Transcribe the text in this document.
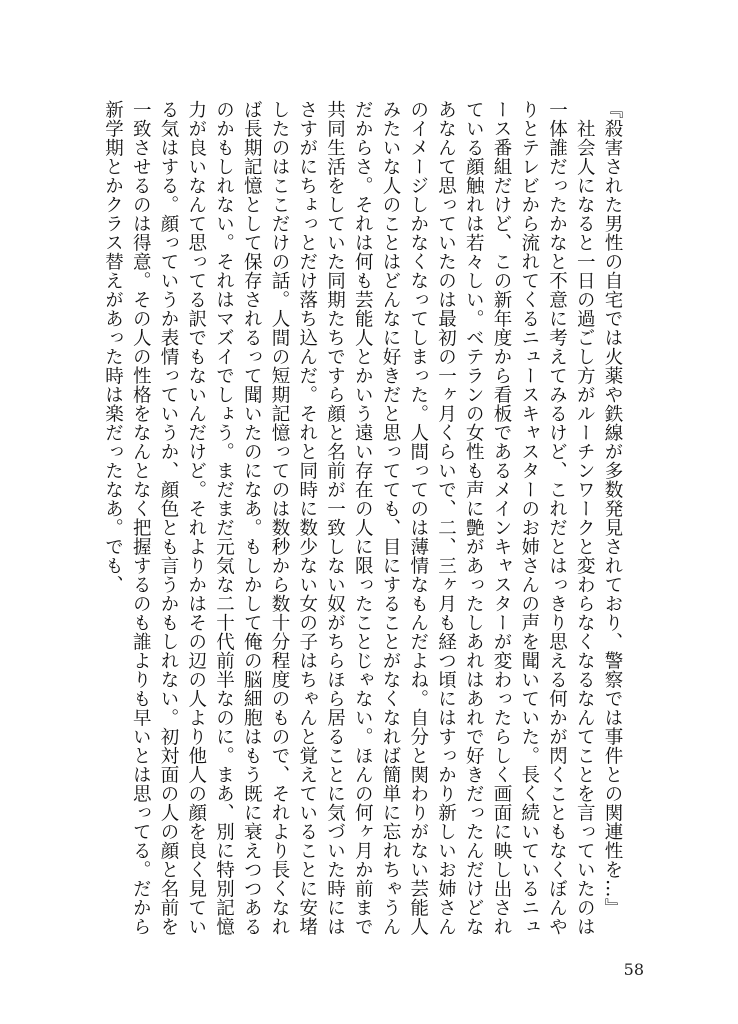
『殺害された男性の自宅では火薬や鉄線が多数発見されており、警察では事件との関連性を…』

社会人になると一日の過ごし方がルーチンワークと変わらなくなるなんてことを言っていたのは一体誰だったかなと不意に考えてみるけど、これだとはっきり思える何かが閃くこともなくぼんやりとテレビから流れてくるニュースキャスターのお姉さんの声を聞いていた。長く続いているニュース番組だけど、この新年度から看板であるメインキャスターが変わったらしく画面に映し出されている顔触れは若々しい。ベテランの女性も声に艶があったしあれはあれで好きだったんだけどなあなんて思っていたのは最初の一ヶ月くらいで、二、三ヶ月も経つ頃にはすっかり新しいお姉さんのイメージしかなくなってしまった。人間ってのは薄情なもんだよね。自分と関わりがない芸能人みたいな人のことはどんなに好きだと思ってても、目にすることがなくなれば簡単に忘れちゃうんだからさ。それは何も芸能人とかいう遠い存在の人に限ったことじゃない。ほんの何ヶ月か前まで共同生活をしていた同期たちですら顔と名前が一致しない奴がちらほら居ることに気づいた時にはさすがにちょっとだけ落ち込んだ。それと同時に数少ない女の子はちゃんと覚えていることに安堵したのはここだけの話。人間の短期記憶ってのは数秒から数十分程度のもので、それより長くなれば長期記憶として保存されるって聞いたのになあ。もしかして俺の脳細胞はもう既に衰えつつあるのかもしれない。それはマズイでしょう。まだまだ元気な二十代前半なのに。まあ、別に特別記憶力が良いなんて思ってる訳でもないんだけど。それよりかはその辺の人より他人の顔を良く見ている気はする。顔っていうか表情っていうか、顔色とも言うかもしれない。初対面の人の顔と名前を一致させるのは得意。その人の性格をなんとなく把握するのも誰よりも早いとは思ってる。だから新学期とかクラス替えがあった時は楽だったなあ。でも、

58
